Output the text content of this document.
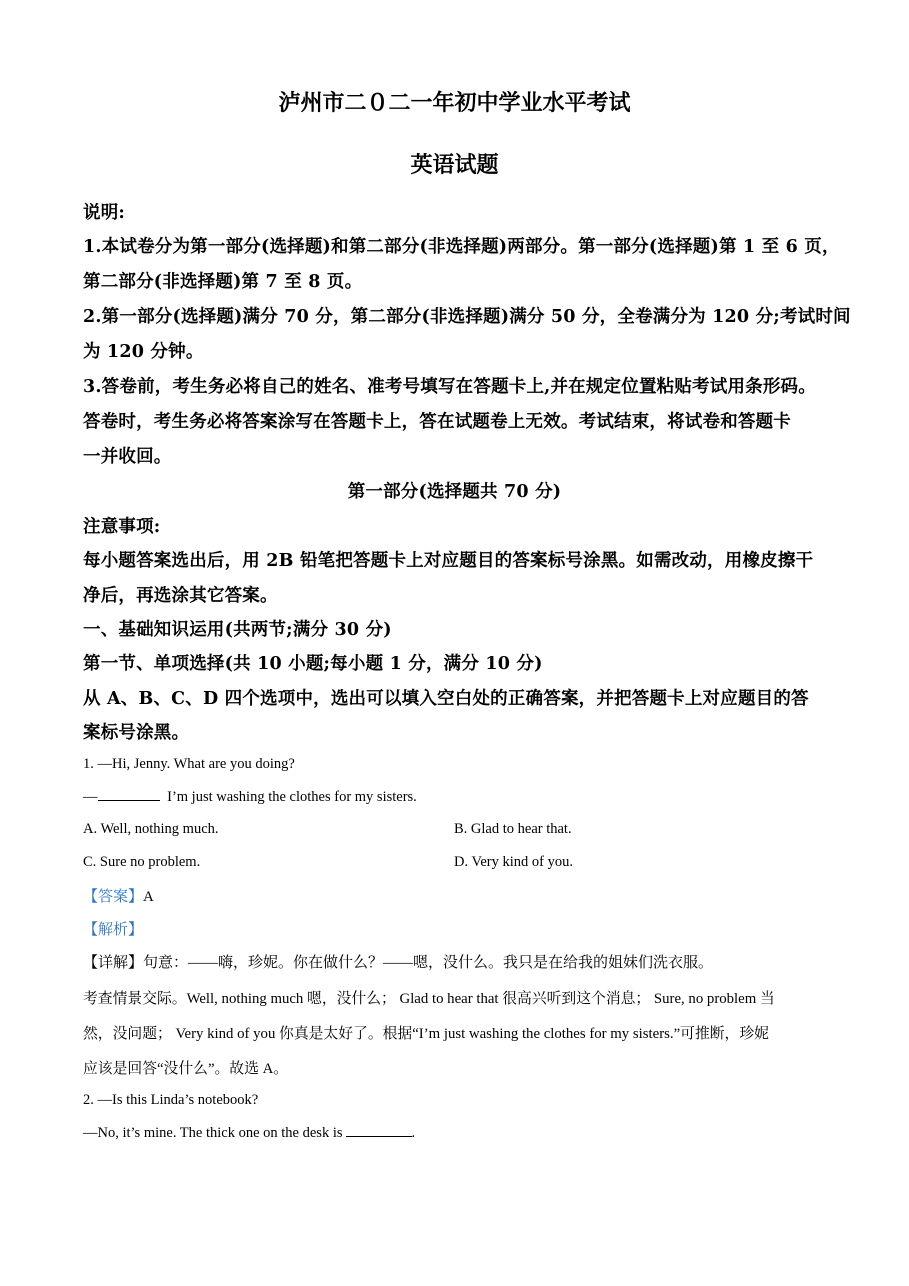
泸州市二０二一年初中学业水平考试
英语试题
说明:
1.本试卷分为第一部分(选择题)和第二部分(非选择题)两部分。第一部分(选择题)第 1 至 6 页，
第二部分(非选择题)第 7 至 8 页。
2.第一部分(选择题)满分 70 分，第二部分(非选择题)满分 50 分，全卷满分为 120 分;考试时间
为 120 分钟。
3.答卷前，考生务必将自己的姓名、准考号填写在答题卡上,并在规定位置粘贴考试用条形码。
答卷时，考生务必将答案涂写在答题卡上，答在试题卷上无效。考试结束，将试卷和答题卡
一并收回。
第一部分(选择题共 70 分)
注意事项:
每小题答案选出后，用 2B 铅笔把答题卡上对应题目的答案标号涂黑。如需改动，用橡皮擦干
净后，再选涂其它答案。
一、基础知识运用(共两节;满分 30 分)
第一节、单项选择(共 10 小题;每小题 1 分，满分 10 分)
从 A、B、C、D 四个选项中，选出可以填入空白处的正确答案，并把答题卡上对应题目的答
案标号涂黑。
1. —Hi, Jenny. What are you doing?
—	I’m just washing the clothes for my sisters.
A. Well, nothing much.	B. Glad to hear that.
C. Sure no problem.	D. Very kind of you.
【答案】A
【解析】
【详解】句意：——嗨，珍妮。你在做什么？——嗯，没什么。我只是在给我的姐妹们洗衣服。
考查情景交际。Well, nothing much 嗯，没什么； Glad to hear that 很高兴听到这个消息； Sure, no problem 当
然，没问题； Very kind of you 你真是太好了。根据“I’m just washing the clothes for my sisters.”可推断，珍妮
应该是回答“没什么”。故选 A。
2. —Is this Linda’s notebook?
—No, it’s mine. The thick one on the desk is	.
